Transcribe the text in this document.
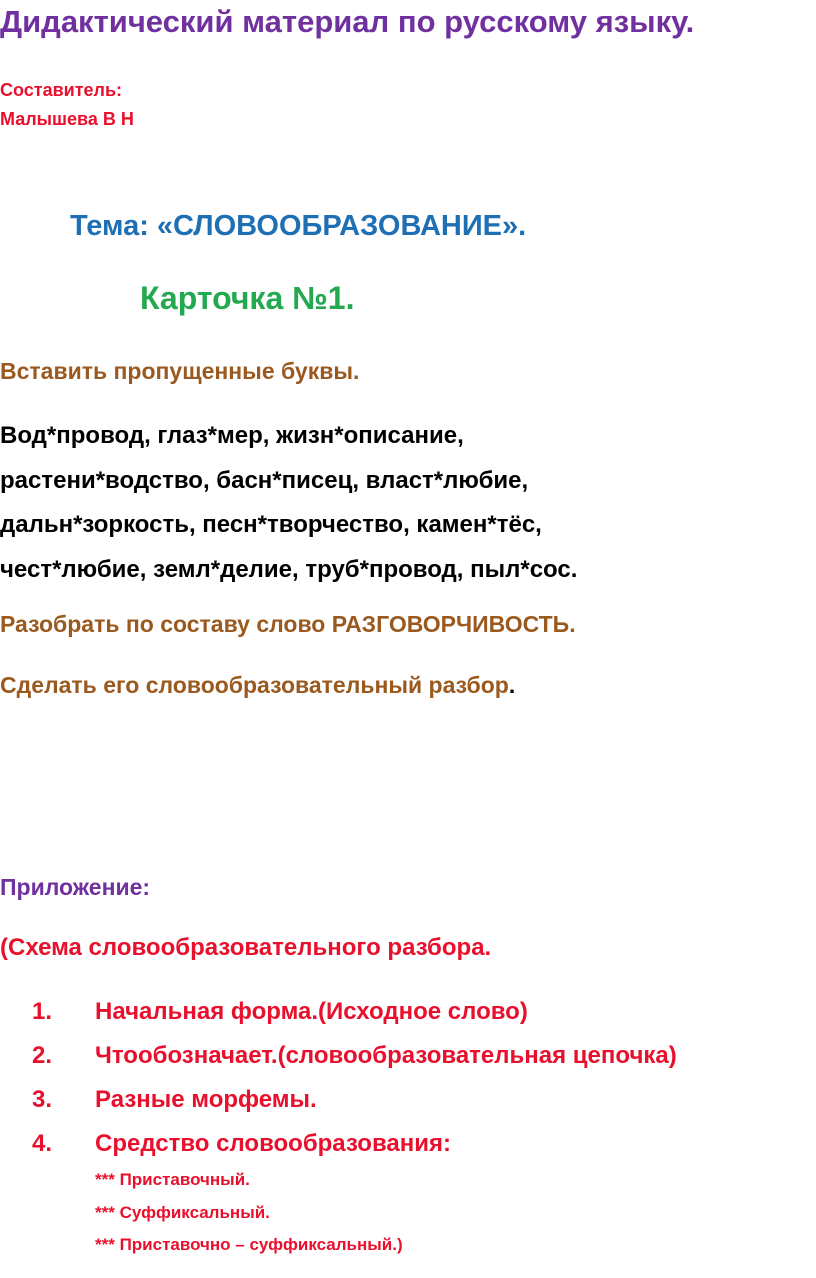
Дидактический материал по русскому языку.
Составитель:
Малышева В Н
Тема: «СЛОВООБРАЗОВАНИЕ».
Карточка №1.
Вставить пропущенные буквы.
Вод*провод, глаз*мер, жизн*описание,
растени*водство, басн*писец, власт*любие,
дальн*зоркость, песн*творчество, камен*тёс,
чест*любие, земл*делие, труб*провод, пыл*сос.
Разобрать по составу слово РАЗГОВОРЧИВОСТЬ.
Сделать его словообразовательный разбор.
Приложение:
(Схема словообразовательного разбора.
1. Начальная форма.(Исходное слово)
2. Чтообозначает.(словообразовательная цепочка)
3. Разные морфемы.
4. Средство словообразования:
*** Приставочный.
*** Суффиксальный.
*** Приставочно – суффиксальный.)
